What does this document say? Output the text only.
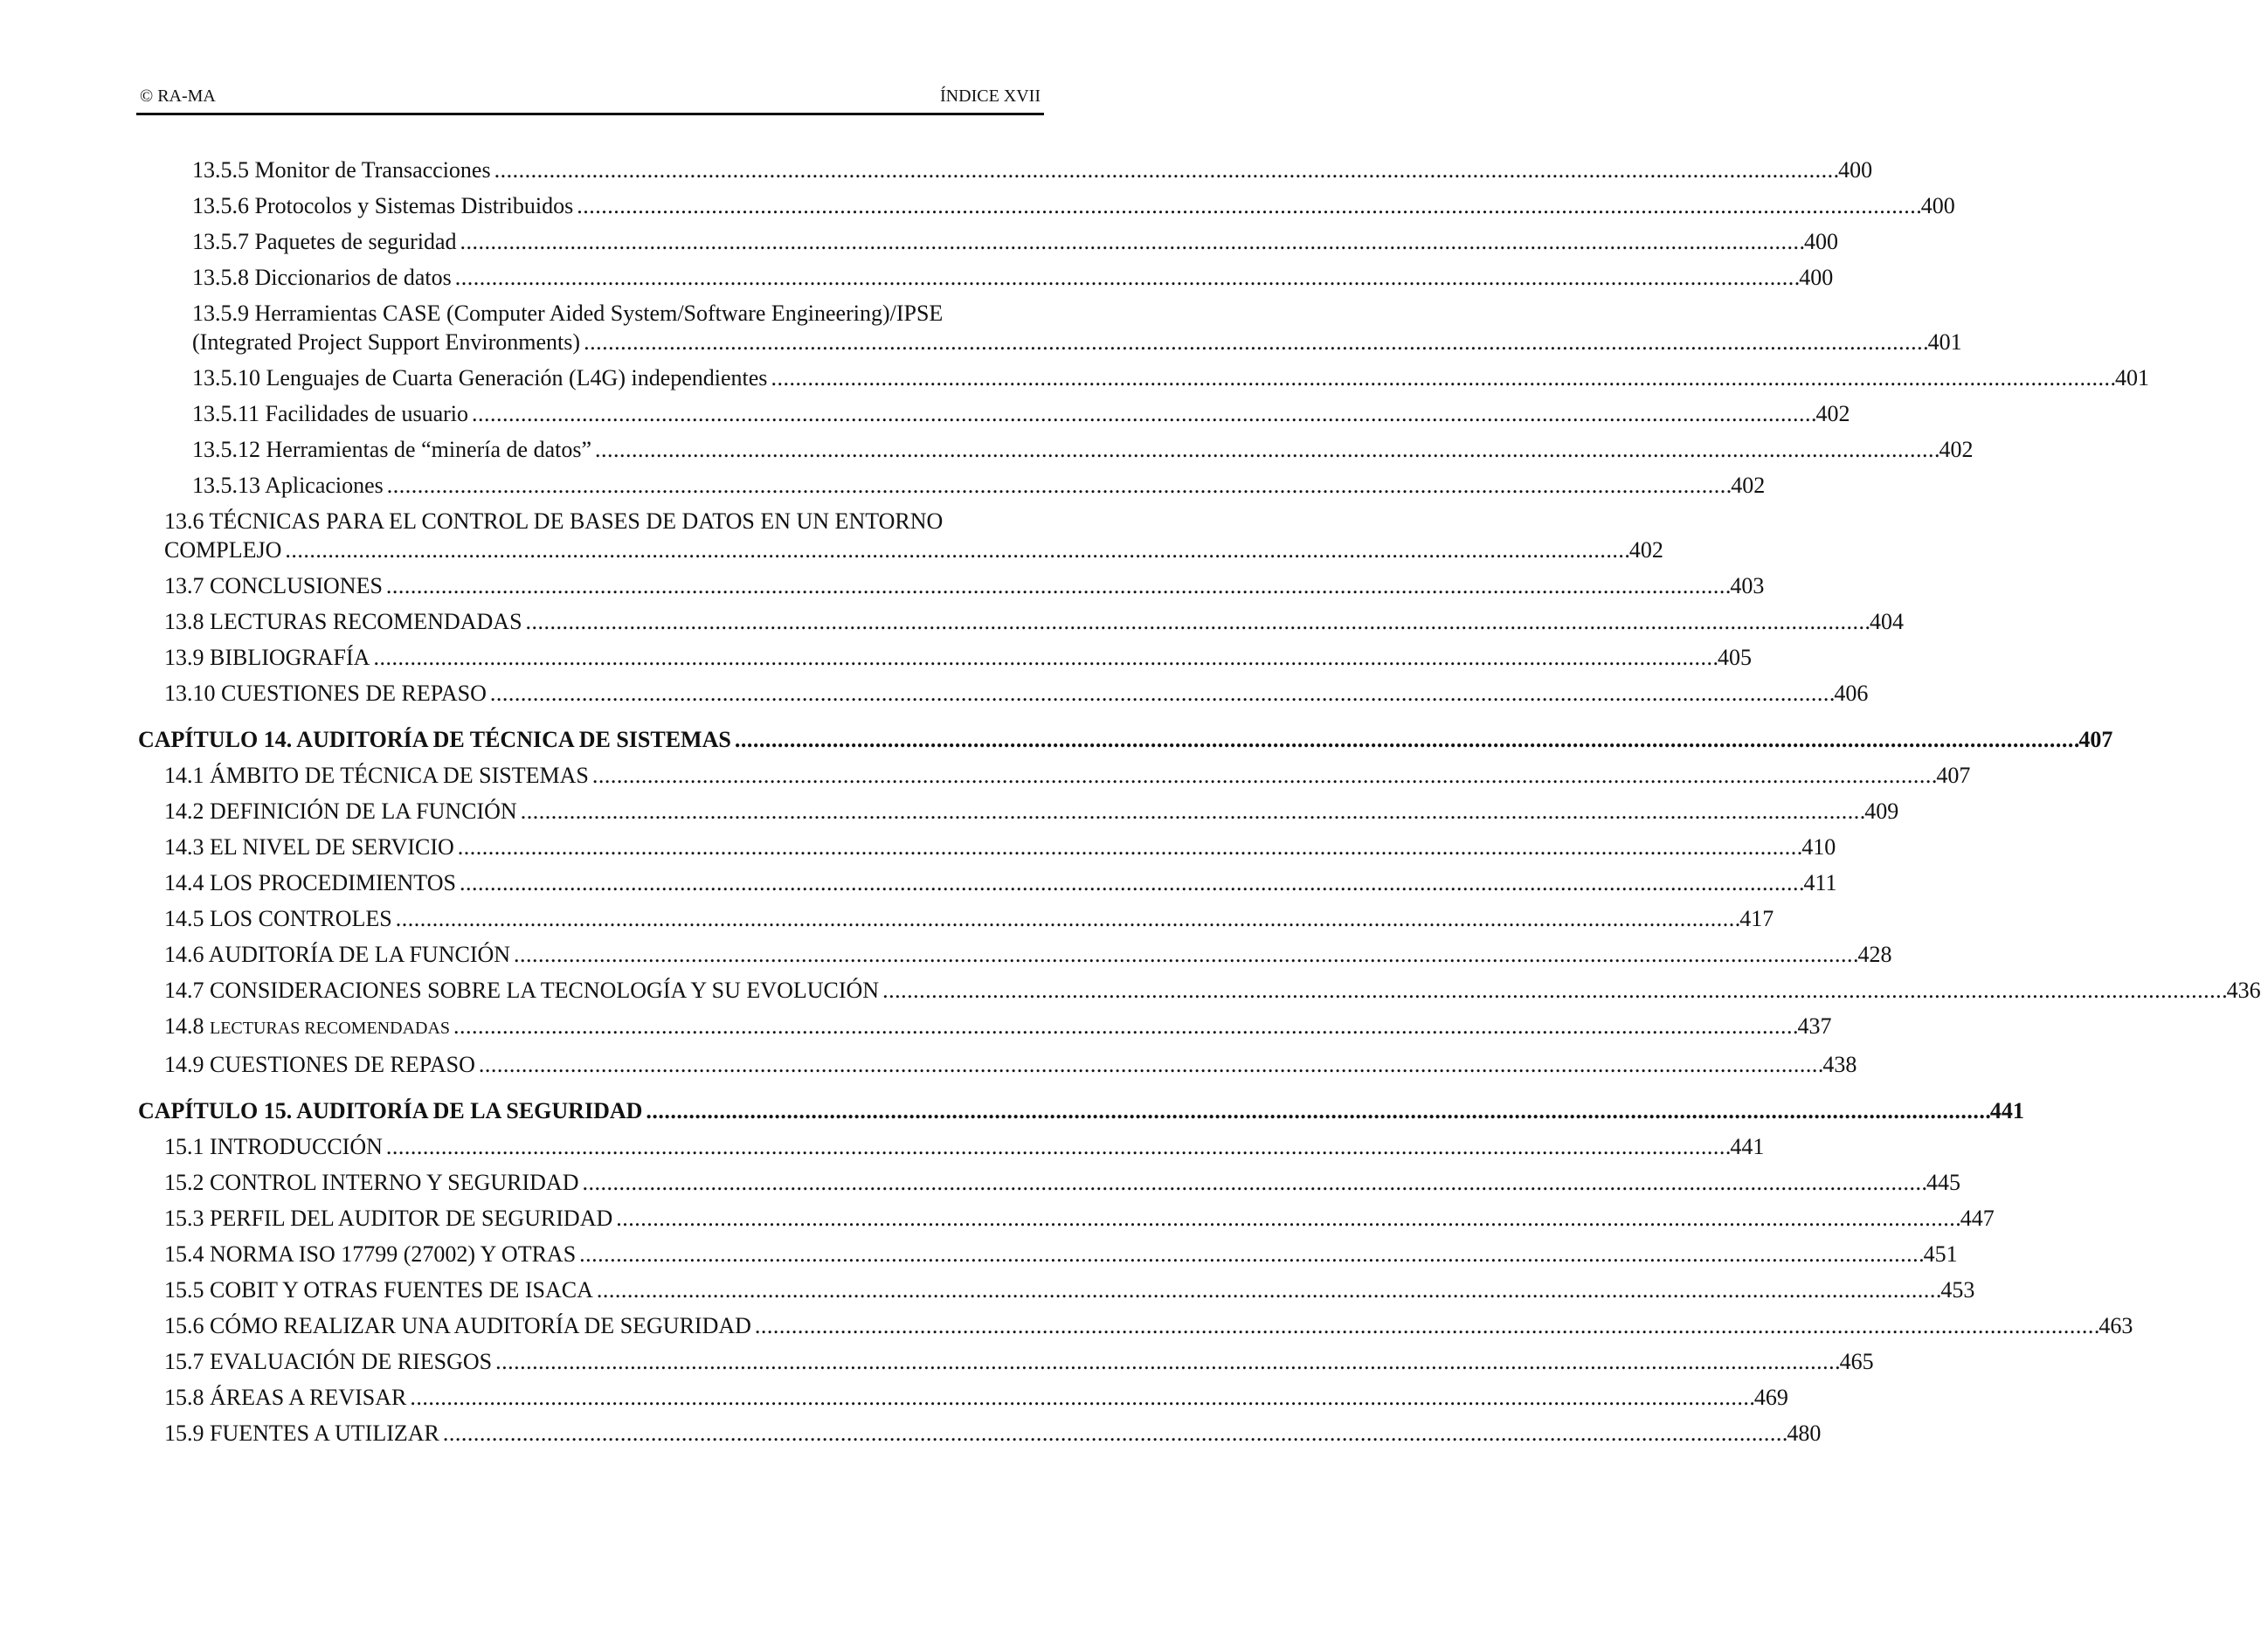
© RA-MA	ÍNDICE XVII
13.5.5 Monitor de Transacciones . . .	400
13.5.6 Protocolos y Sistemas Distribuidos . . .	400
13.5.7 Paquetes de seguridad . . .	400
13.5.8 Diccionarios de datos . . .	400
13.5.9 Herramientas CASE (Computer Aided System/Software Engineering)/IPSE
(Integrated Project Support Environments) . . .	401
13.5.10 Lenguajes de Cuarta Generación (L4G) independientes . . .	401
13.5.11 Facilidades de usuario . . .	402
13.5.12 Herramientas de “minería de datos” . . .	402
13.5.13 Aplicaciones . . .	402
13.6 TÉCNICAS PARA EL CONTROL DE BASES DE DATOS EN UN ENTORNO
COMPLEJO . . .	402
13.7 CONCLUSIONES . . .	403
13.8 LECTURAS RECOMENDADAS . . .	404
13.9 BIBLIOGRAFÍA . . .	405
13.10 CUESTIONES DE REPASO . . .	406
CAPÍTULO 14. AUDITORÍA DE TÉCNICA DE SISTEMAS . . .	407
14.1 ÁMBITO DE TÉCNICA DE SISTEMAS . . .	407
14.2 DEFINICIÓN DE LA FUNCIÓN . . .	409
14.3 EL NIVEL DE SERVICIO . . .	410
14.4 LOS PROCEDIMIENTOS . . .	411
14.5 LOS CONTROLES . . .	417
14.6 AUDITORÍA DE LA FUNCIÓN . . .	428
14.7 CONSIDERACIONES SOBRE LA TECNOLOGÍA Y SU EVOLUCIÓN . . .	436
14.8 LECTURAS RECOMENDADAS . . .	437
14.9 CUESTIONES DE REPASO . . .	438
CAPÍTULO 15. AUDITORÍA DE LA SEGURIDAD . . .	441
15.1 INTRODUCCIÓN . . .	441
15.2 CONTROL INTERNO Y SEGURIDAD . . .	445
15.3 PERFIL DEL AUDITOR DE SEGURIDAD . . .	447
15.4 NORMA ISO 17799 (27002) Y OTRAS . . .	451
15.5 COBIT Y OTRAS FUENTES DE ISACA . . .	453
15.6 CÓMO REALIZAR UNA AUDITORÍA DE SEGURIDAD . . .	463
15.7 EVALUACIÓN DE RIESGOS . . .	465
15.8 ÁREAS A REVISAR . . .	469
15.9 FUENTES A UTILIZAR . . .	480
